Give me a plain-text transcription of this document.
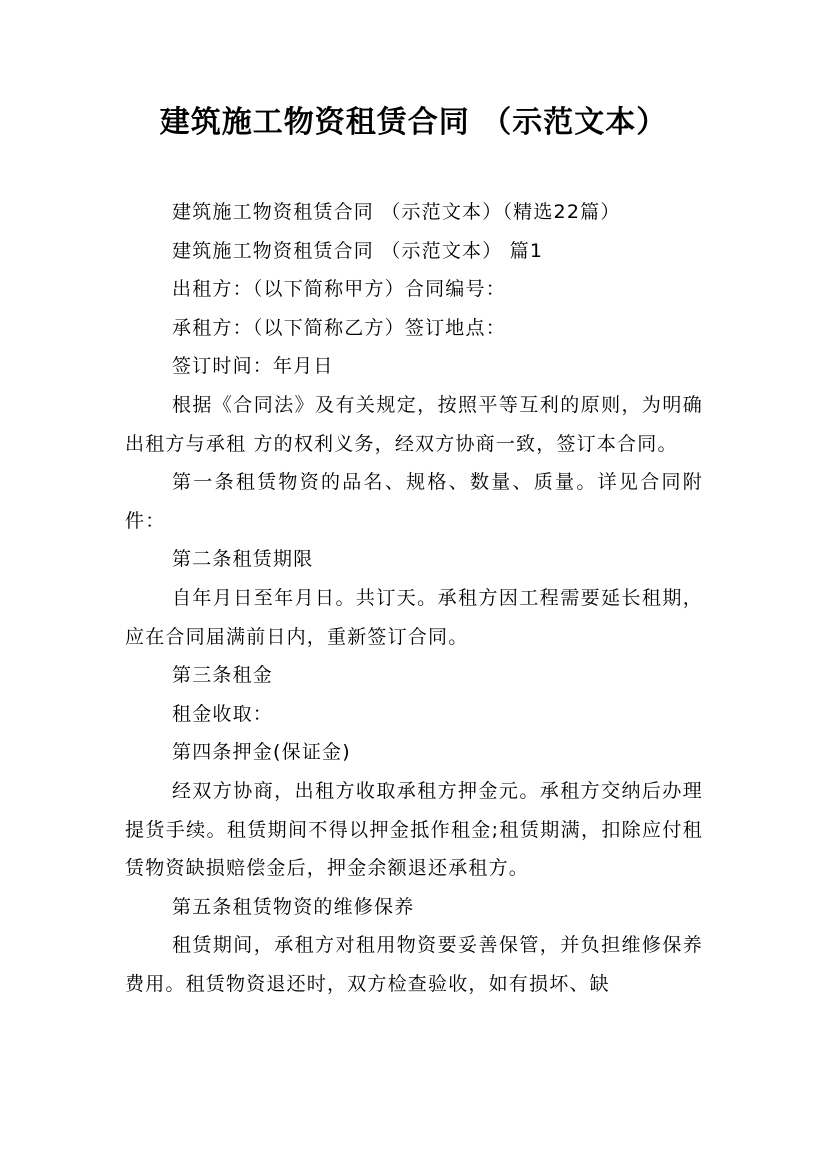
建筑施工物资租赁合同 （示范文本）

建筑施工物资租赁合同 （示范文本）（精选22篇）

建筑施工物资租赁合同 （示范文本） 篇1

出租方：（以下简称甲方）合同编号：

承租方：（以下简称乙方）签订地点：

签订时间：年月日

根据《合同法》及有关规定，按照平等互利的原则，为明确出租方与承租 方的权利义务，经双方协商一致，签订本合同。

第一条租赁物资的品名、规格、数量、质量。详见合同附件：

第二条租赁期限

自年月日至年月日。共订天。承租方因工程需要延长租期，应在合同届满前日内，重新签订合同。

第三条租金

租金收取：

第四条押金(保证金)

经双方协商，出租方收取承租方押金元。承租方交纳后办理提货手续。租赁期间不得以押金抵作租金;租赁期满，扣除应付租赁物资缺损赔偿金后，押金余额退还承租方。

第五条租赁物资的维修保养

租赁期间，承租方对租用物资要妥善保管，并负担维修保养费用。租赁物资退还时，双方检查验收，如有损坏、缺
